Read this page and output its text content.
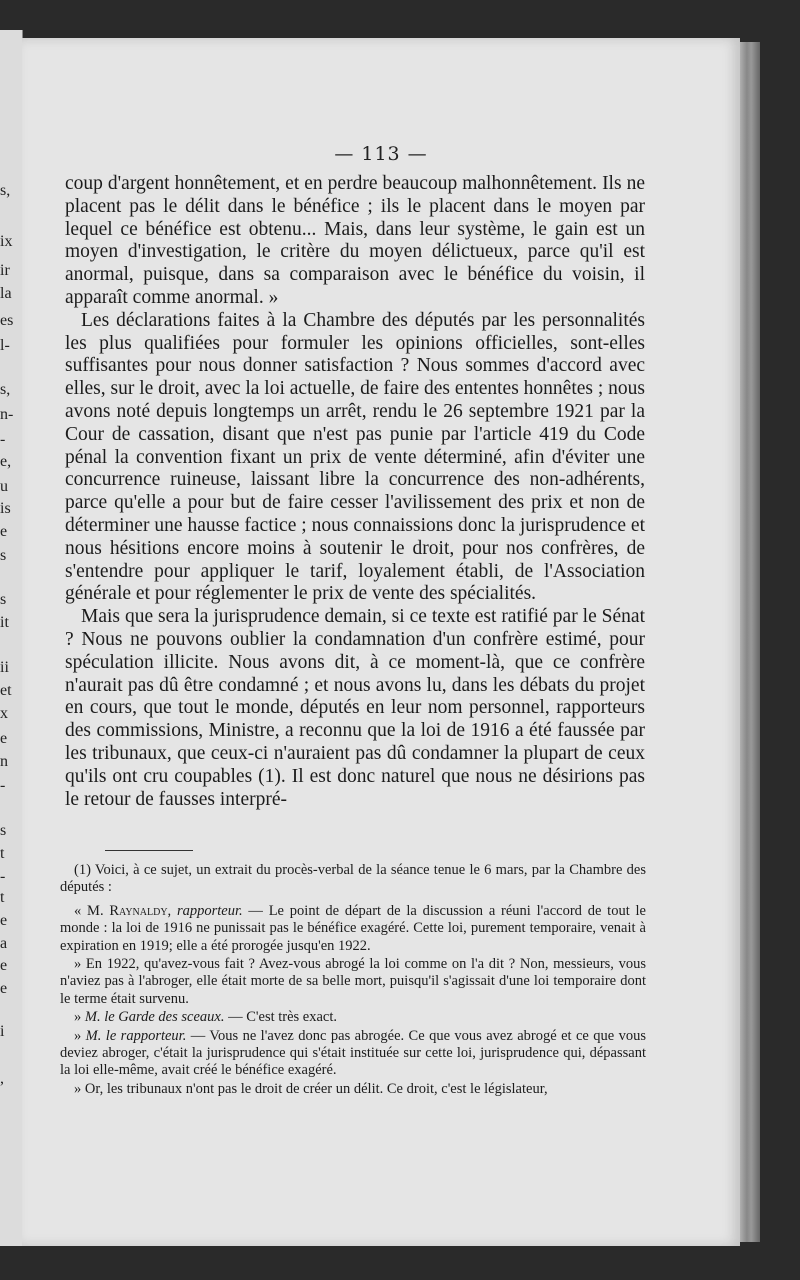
s,
ix
ir
la
es
l-
s,
n-
-
e,
u
is
e
s
s
it
ii
et
x
e
n
-
s
t
-
t
e
a
e
e
i
,
— 113 —

coup d'argent honnêtement, et en perdre beaucoup malhonnêtement. Ils ne placent pas le délit dans le bénéfice ; ils le placent dans le moyen par lequel ce bénéfice est obtenu... Mais, dans leur système, le gain est un moyen d'investigation, le critère du moyen délictueux, parce qu'il est anormal, puisque, dans sa comparaison avec le bénéfice du voisin, il apparaît comme anormal. »

Les déclarations faites à la Chambre des députés par les personnalités les plus qualifiées pour formuler les opinions officielles, sont-elles suffisantes pour nous donner satisfaction ? Nous sommes d'accord avec elles, sur le droit, avec la loi actuelle, de faire des ententes honnêtes ; nous avons noté depuis longtemps un arrêt, rendu le 26 septembre 1921 par la Cour de cassation, disant que n'est pas punie par l'article 419 du Code pénal la convention fixant un prix de vente déterminé, afin d'éviter une concurrence ruineuse, laissant libre la concurrence des non-adhérents, parce qu'elle a pour but de faire cesser l'avilissement des prix et non de déterminer une hausse factice ; nous connaissions donc la jurisprudence et nous hésitions encore moins à soutenir le droit, pour nos confrères, de s'entendre pour appliquer le tarif, loyalement établi, de l'Association générale et pour réglementer le prix de vente des spécialités.

Mais que sera la jurisprudence demain, si ce texte est ratifié par le Sénat ? Nous ne pouvons oublier la condamnation d'un confrère estimé, pour spéculation illicite. Nous avons dit, à ce moment-là, que ce confrère n'aurait pas dû être condamné ; et nous avons lu, dans les débats du projet en cours, que tout le monde, députés en leur nom personnel, rapporteurs des commissions, Ministre, a reconnu que la loi de 1916 a été faussée par les tribunaux, que ceux-ci n'auraient pas dû condamner la plupart de ceux qu'ils ont cru coupables (1). Il est donc naturel que nous ne désirions pas le retour de fausses interpré-

(1) Voici, à ce sujet, un extrait du procès-verbal de la séance tenue le 6 mars, par la Chambre des députés :

« M. Raynaldy, rapporteur. — Le point de départ de la discussion a réuni l'accord de tout le monde : la loi de 1916 ne punissait pas le bénéfice exagéré. Cette loi, purement temporaire, venait à expiration en 1919; elle a été prorogée jusqu'en 1922.

» En 1922, qu'avez-vous fait ? Avez-vous abrogé la loi comme on l'a dit ? Non, messieurs, vous n'aviez pas à l'abroger, elle était morte de sa belle mort, puisqu'il s'agissait d'une loi temporaire dont le terme était survenu.

» M. le Garde des sceaux. — C'est très exact.

» M. le rapporteur. — Vous ne l'avez donc pas abrogée. Ce que vous avez abrogé et ce que vous deviez abroger, c'était la jurisprudence qui s'était instituée sur cette loi, jurisprudence qui, dépassant la loi elle-même, avait créé le bénéfice exagéré.

» Or, les tribunaux n'ont pas le droit de créer un délit. Ce droit, c'est le législateur,
